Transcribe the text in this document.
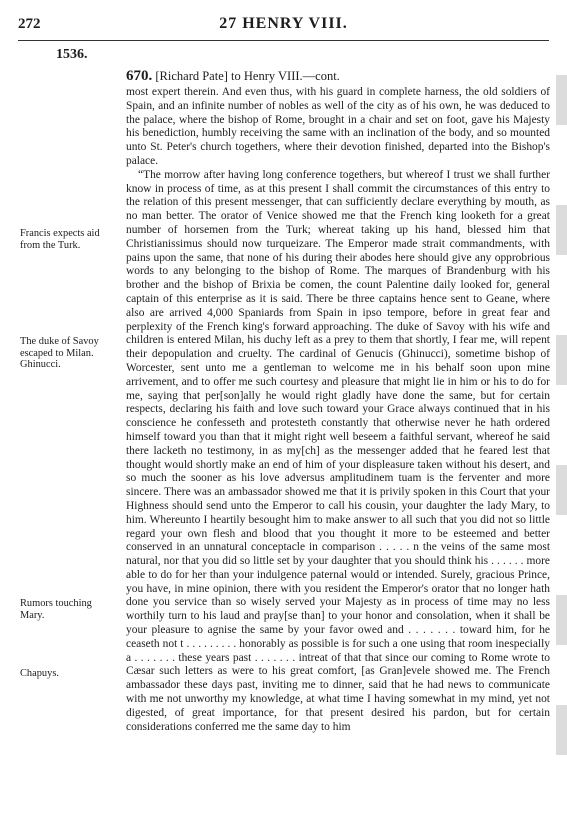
272	27 HENRY VIII.
1536.
670. [Richard Pate] to Henry VIII.—cont.
Francis expects aid from the Turk.
The duke of Savoy escaped to Milan. Ghinucci.
Rumors touching Mary.
Chapuys.

most expert therein. And even thus, with his guard in complete harness, the old soldiers of Spain, and an infinite number of nobles as well of the city as of his own, he was deduced to the palace, where the bishop of Rome, brought in a chair and set on foot, gave his Majesty his benediction, humbly receiving the same with an inclination of the body, and so mounted unto St. Peter's church togethers, where their devotion finished, departed into the Bishop's palace.

“The morrow after having long conference togethers, but whereof I trust we shall further know in process of time, as at this present I shall commit the circumstances of this entry to the relation of this present messenger, that can sufficiently declare everything by mouth, as no man better. The orator of Venice showed me that the French king looketh for a great number of horsemen from the Turk; whereat taking up his hand, blessed him that Christianissimus should now turqueizare. The Emperor made strait commandments, with pains upon the same, that none of his during their abodes here should give any opprobrious words to any belonging to the bishop of Rome. The marques of Brandenburg with his brother and the bishop of Brixia be comen, the count Palentine daily looked for, general captain of this enterprise as it is said. There be three captains hence sent to Geane, where also are arrived 4,000 Spaniards from Spain in ipso tempore, before in great fear and perplexity of the French king's forward approaching. The duke of Savoy with his wife and children is entered Milan, his duchy left as a prey to them that shortly, I fear me, will repent their depopulation and cruelty. The cardinal of Genucis (Ghinucci), sometime bishop of Worcester, sent unto me a gentleman to welcome me in his behalf soon upon mine arrivement, and to offer me such courtesy and pleasure that might lie in him or his to do for me, saying that per[son]ally he would right gladly have done the same, but for certain respects, declaring his faith and love such toward your Grace always continued that in his conscience he confesseth and protesteth constantly that otherwise never he hath ordered himself toward you than that it might right well beseem a faithful servant, whereof he said there lacketh no testimony, in as my[ch] as the messenger added that he feared lest that thought would shortly make an end of him of your displeasure taken without his desert, and so much the sooner as his love adversus amplitudinem tuam is the ferventer and more sincere. There was an ambassador showed me that it is privily spoken in this Court that your Highness should send unto the Emperor to call his cousin, your daughter the lady Mary, to him. Whereunto I heartily besought him to make answer to all such that you did not so little regard your own flesh and blood that you thought it more to be esteemed and better conserved in an unnatural conceptacle in comparison . . . . . n the veins of the same most natural, nor that you did so little set by your daughter that you should think his . . . . . . more able to do for her than your indulgence paternal would or intended. Surely, gracious Prince, you have, in mine opinion, there with you resident the Emperor's orator that no longer hath done you service than so wisely served your Majesty as in process of time may no less worthily turn to his laud and pray[se than] to your honor and consolation, when it shall be your pleasure to agnise the same by your favor owed and . . . . . . . toward him, for he ceaseth not t . . . . . . . . . honorably as possible is for such a one using that room inespecially a . . . . . . . these years past . . . . . . . intreat of that that since our coming to Rome wrote to Cæsar such letters as were to his great comfort, [as Gran]evele showed me. The French ambassador these days past, inviting me to dinner, said that he had news to communicate with me not unworthy my knowledge, at what time I having somewhat in my mind, yet not digested, of great importance, for that present desired his pardon, but for certain considerations conferred me the same day to him
